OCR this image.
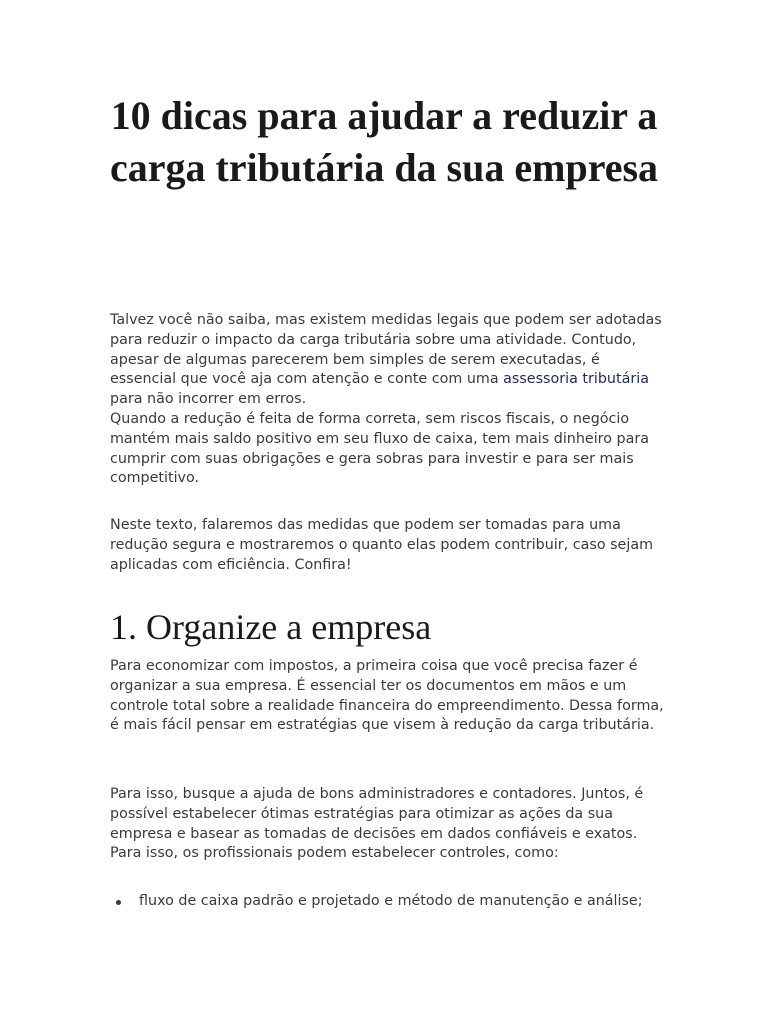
10 dicas para ajudar a reduzir a carga tributária da sua empresa

Talvez você não saiba, mas existem medidas legais que podem ser adotadas para reduzir o impacto da carga tributária sobre uma atividade. Contudo, apesar de algumas parecerem bem simples de serem executadas, é essencial que você aja com atenção e conte com uma assessoria tributária para não incorrer em erros.
Quando a redução é feita de forma correta, sem riscos fiscais, o negócio mantém mais saldo positivo em seu fluxo de caixa, tem mais dinheiro para cumprir com suas obrigações e gera sobras para investir e para ser mais competitivo.

Neste texto, falaremos das medidas que podem ser tomadas para uma redução segura e mostraremos o quanto elas podem contribuir, caso sejam aplicadas com eficiência. Confira!

1. Organize a empresa

Para economizar com impostos, a primeira coisa que você precisa fazer é organizar a sua empresa. É essencial ter os documentos em mãos e um controle total sobre a realidade financeira do empreendimento. Dessa forma, é mais fácil pensar em estratégias que visem à redução da carga tributária.

Para isso, busque a ajuda de bons administradores e contadores. Juntos, é possível estabelecer ótimas estratégias para otimizar as ações da sua empresa e basear as tomadas de decisões em dados confiáveis e exatos. Para isso, os profissionais podem estabelecer controles, como:

fluxo de caixa padrão e projetado e método de manutenção e análise;
